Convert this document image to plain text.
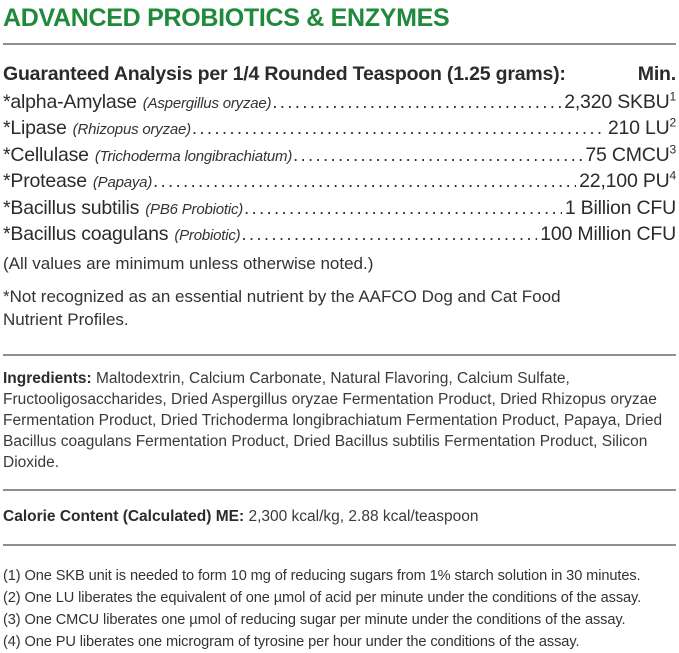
ADVANCED PROBIOTICS & ENZYMES
Guaranteed Analysis per 1/4 Rounded Teaspoon (1.25 grams):	Min.
*alpha-Amylase (Aspergillus oryzae) .....	2,320 SKBU$^1$
*Lipase (Rhizopus oryzae) .....	210 $LU^2$
*Cellulase (Trichoderma longibrachiatum) .....	75 CMCU$^3$
*Protease (Papaya) .....	22,100 $PU^4$
*Bacillus subtilis (PB6 Probiotic) .....	1 Billion CFU
*Bacillus coagulans (Probiotic) .....	100 Million CFU
(All values are minimum unless otherwise noted.)
*Not recognized as an essential nutrient by the AAFCO Dog and Cat Food Nutrient Profiles.

Ingredients: Maltodextrin, Calcium Carbonate, Natural Flavoring, Calcium Sulfate, Fructooligosaccharides, Dried Aspergillus oryzae Fermentation Product, Dried Rhizopus oryzae Fermentation Product, Dried Trichoderma longibrachiatum Fermentation Product, Papaya, Dried Bacillus coagulans Fermentation Product, Dried Bacillus subtilis Fermentation Product, Silicon Dioxide.

Calorie Content (Calculated) ME: 2,300 kcal/kg, 2.88 kcal/teaspoon

(1) One SKB unit is needed to form 10 mg of reducing sugars from 1% starch solution in 30 minutes.
(2) One LU liberates the equivalent of one µmol of acid per minute under the conditions of the assay.
(3) One CMCU liberates one µmol of reducing sugar per minute under the conditions of the assay.
(4) One PU liberates one microgram of tyrosine per hour under the conditions of the assay.
